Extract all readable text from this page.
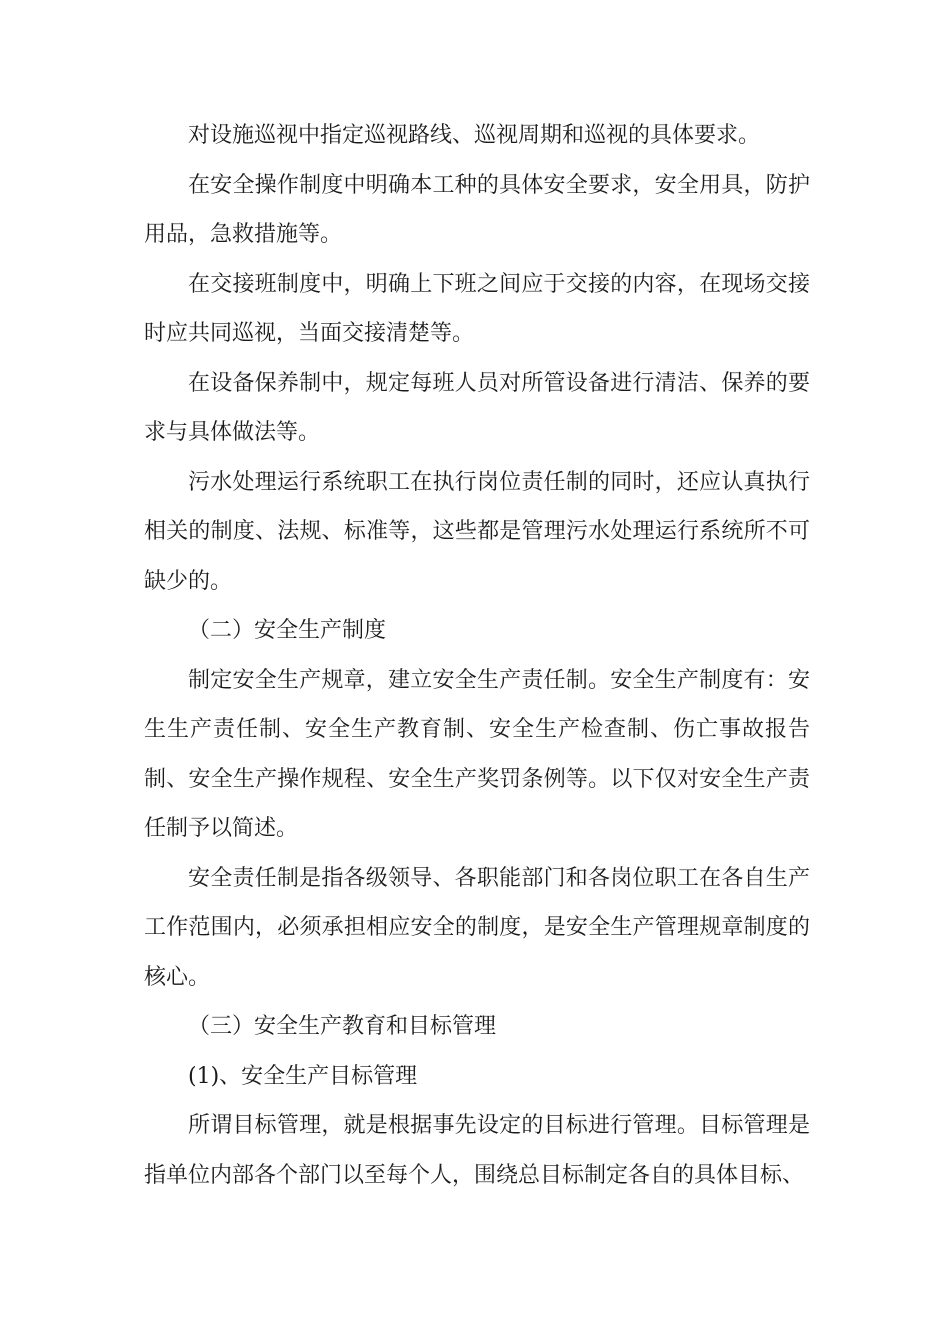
对设施巡视中指定巡视路线、巡视周期和巡视的具体要求。

在安全操作制度中明确本工种的具体安全要求，安全用具，防护用品，急救措施等。

在交接班制度中，明确上下班之间应于交接的内容，在现场交接时应共同巡视，当面交接清楚等。

在设备保养制中，规定每班人员对所管设备进行清洁、保养的要求与具体做法等。

污水处理运行系统职工在执行岗位责任制的同时，还应认真执行相关的制度、法规、标准等，这些都是管理污水处理运行系统所不可缺少的。

（二）安全生产制度

制定安全生产规章，建立安全生产责任制。安全生产制度有：安生生产责任制、安全生产教育制、安全生产检查制、伤亡事故报告制、安全生产操作规程、安全生产奖罚条例等。以下仅对安全生产责任制予以简述。

安全责任制是指各级领导、各职能部门和各岗位职工在各自生产工作范围内，必须承担相应安全的制度，是安全生产管理规章制度的核心。

（三）安全生产教育和目标管理

(1)、安全生产目标管理

所谓目标管理，就是根据事先设定的目标进行管理。目标管理是指单位内部各个部门以至每个人，围绕总目标制定各自的具体目标、
